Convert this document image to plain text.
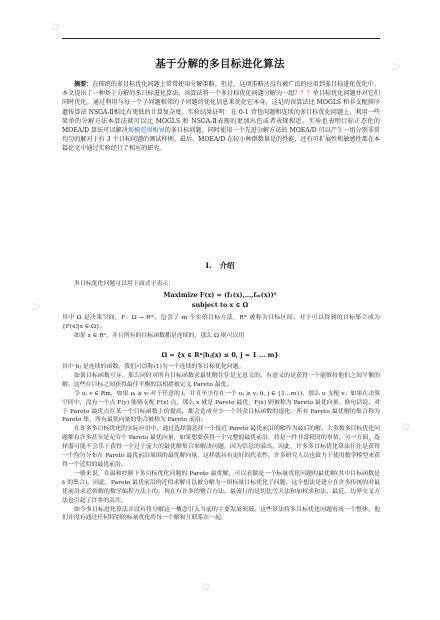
❖
❖
❖
❖
❖
基于分解的多目标进化算法
摘要：在传统的多目标优化问题上常常使用分解策略。但是，这项策略还没有被广泛的应用到多目标进化优化中。本文提出了一种基于分解的多目标进化算法，该算法将一个多目标优化问题分解为一组？？？单目标优化问题并对它们同时优化。通过利用与每一个子问题相邻的子问题的优化信息来优化它本身，这是的该算法比 MOGLS 和非支配排序遗传算法 NSGA-Ⅱ相比有更低的计算复杂度。实验结果证明：在 0-1 背包问题和连续的多目标优化问题上，利用一些简单的分解方法本算法就可以比 MOGLS 和 NSGA-Ⅱ表现的更加出色或者表现相近。实验也表明目标正态化的 MOEA/D 算法可以解决规模范围相异的多目标问题，同时使用一个先进分解方法的 MOEA/D 可以产生一组分别非常均匀的解对于有 3 个目标问题的测试样例。最后，MOEA/D 在较小种群数量是的性能，还有可扩展性和敏感性都在本篇论文中通过实验经行了相应的研究。
I. 介绍

多目标优化问题可以用下面式子表示：

Maximize F(x) = (f₁(x),…,fₘ(x))ᵀ
subject to x ∈ Ω

其中 Ω 是决策空间，F：Ω → Rᵐ，包含了 m 个实值目标方法，Rᵐ 被称为目标区间。对于可以得到的目标集合成为{F(x)|x ∈ Ω}。

如果 x ∈ Rⁿ，并且所有的目标函数都是连续的，那么 Ω 则可以用

Ω = {x ∈ Rⁿ|hⱼ(x) ≤ 0, j = 1 … m}

其中 hⱼ 是连续的函数，我们可以称(1)为一个连续的多目标优化问题。

如果目标函数互斥，那么同时对所有目标函数求最优解往往是无意义的，有意义的是获得一个能维持他们之间平衡的解。这些在目标之间获得最佳平衡的以相措被定义 Pareto 最优。

令 u, v ∈ Rm，如果 uᵢ ≥ vᵢ 对于任意的 i，并且至少存在一个 uⱼ ≥ vⱼ (i, j ∈ {1…m})，那么 u 支配 v。如果在决策空间中，没有一个点 F(y) 能够支配 F(x) 点，那么 x 就是 Pareto 最优，F(x) 则被称为 Pareto 最优向量。换句话说，对于 Pareto 最优点在某一个目标函数上的提高，都会造成至少一个其余目标函数的退化。所有 Pareto 最优解的集合称为 Pareto 集，所有最优向量的集合被称为 Pareto 前沿。

在许多多目标优化的实际应用中，通过选择器选择一个接近 Pareto 最优前沿的解作为最后的解。大多数多目标优化问题都有许多甚至是无穷个 Pareto 最优向量，如果想要获得一个完整的最优前沿，将是一件非常耗时的事情。另一方面，选择器可能不会乐于获得一个过于庞大的最优解集合来解决问题，因为信息的溢出。因此，许多多目标优化算法往往是获得一个均匀分布在 Pareto 最优前沿周围的最优解向量，这样就具有更好的代表性。许多研究人员也致力于使用数学模型来获得一个近似的最优前沿。

一般来说，在温和控制下多目标优化问题的 Pareto 最优解，可以看做是一个标量优化问题的最优解(其中目标函数是 fᵢ 的集合)。因此，Pareto 最优前沿的近似求解可以被分解为一组标量目标优化子问题。这个想法是建立在许多传统的对最优前沿求近似解的数学编程方法上的。现在有许多的聚合方法，最流行的是切比雪夫法和加权求和法。最近，边界交叉方法也引起了许多的关注。

如今多目标进化算法并没有将分解这一概念引入当前的主要发展领域。这些算法将多目标优化问题看成一个整体。他们并没有通过任何特别的标量优化将每一个解和互联系在一起。
